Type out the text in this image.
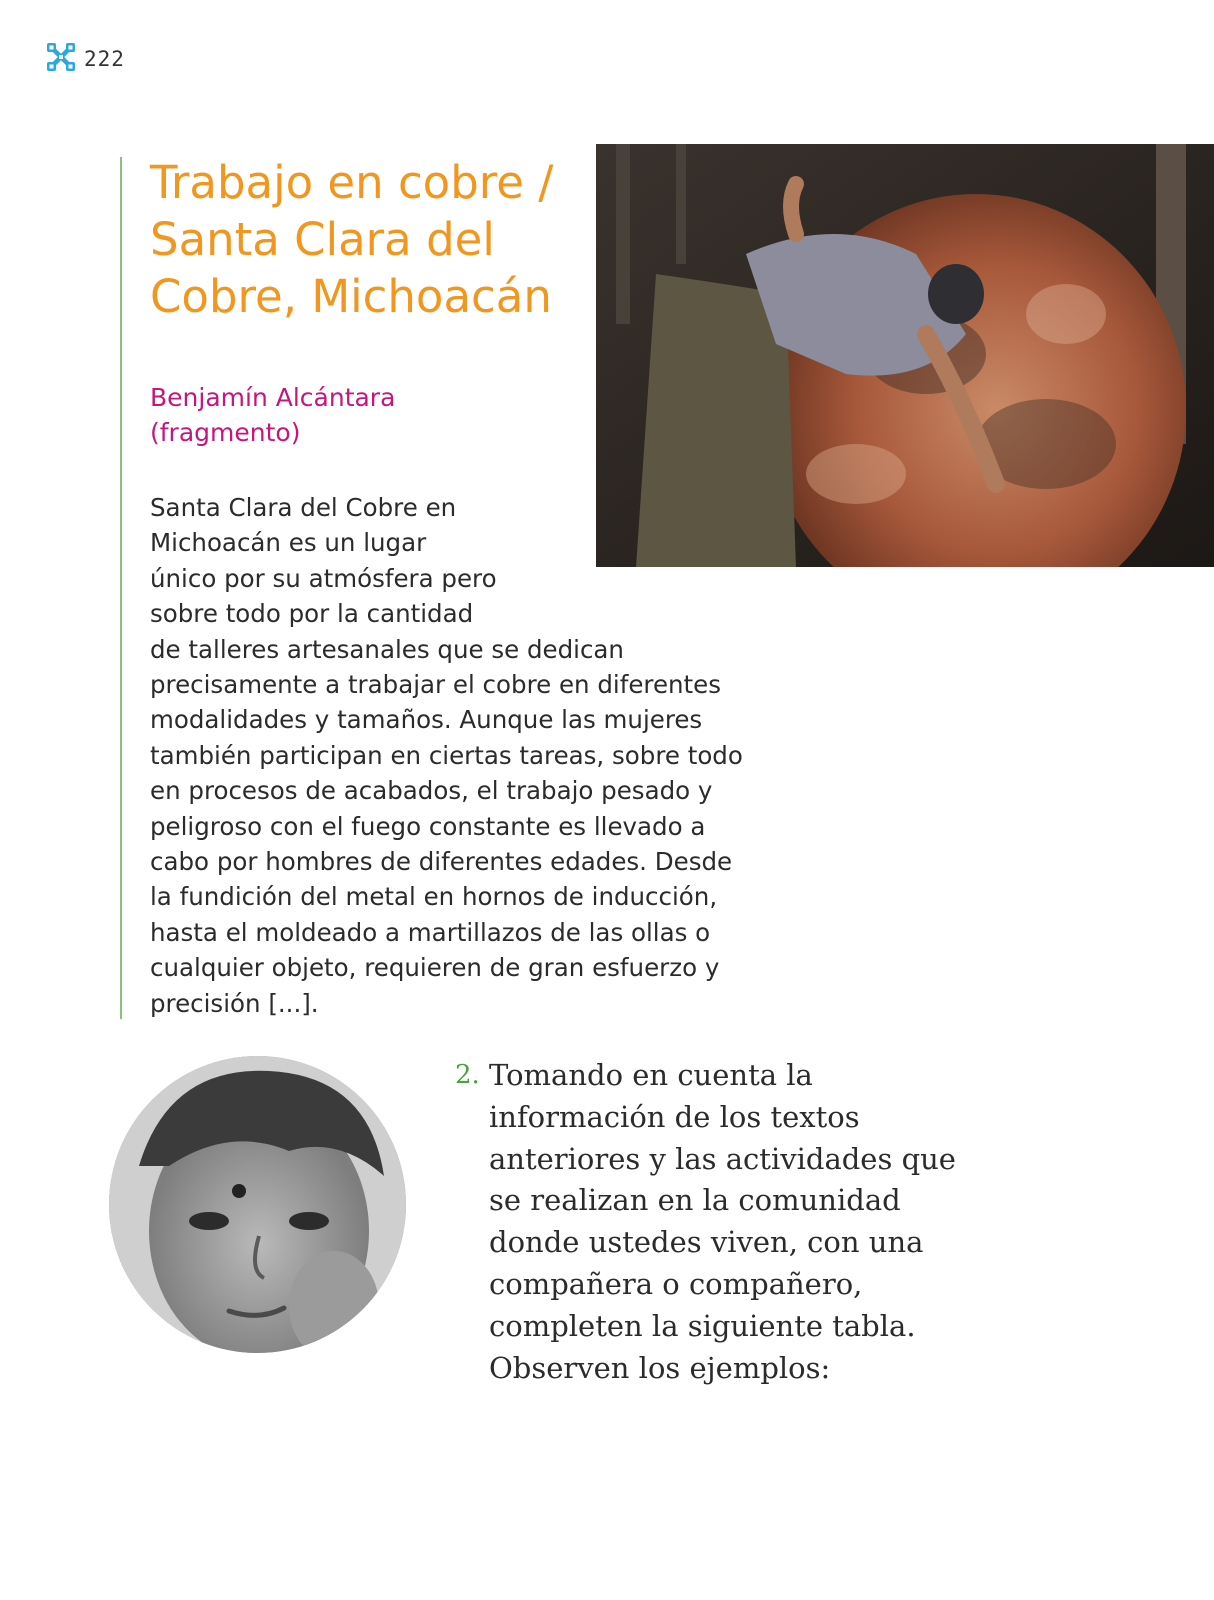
222
Trabajo en cobre / Santa Clara del Cobre, Michoacán
Benjamín Alcántara
(fragmento)
Santa Clara del Cobre en
Michoacán es un lugar
único por su atmósfera pero
sobre todo por la cantidad
de talleres artesanales que se dedican
precisamente a trabajar el cobre en diferentes
modalidades y tamaños. Aunque las mujeres
también participan en ciertas tareas, sobre todo
en procesos de acabados, el trabajo pesado y
peligroso con el fuego constante es llevado a
cabo por hombres de diferentes edades. Desde
la fundición del metal en hornos de inducción,
hasta el moldeado a martillazos de las ollas o
cualquier objeto, requieren de gran esfuerzo y
precisión [...].
2. Tomando en cuenta la
información de los textos
anteriores y las actividades que
se realizan en la comunidad
donde ustedes viven, con una
compañera o compañero,
completen la siguiente tabla.
Observen los ejemplos:
